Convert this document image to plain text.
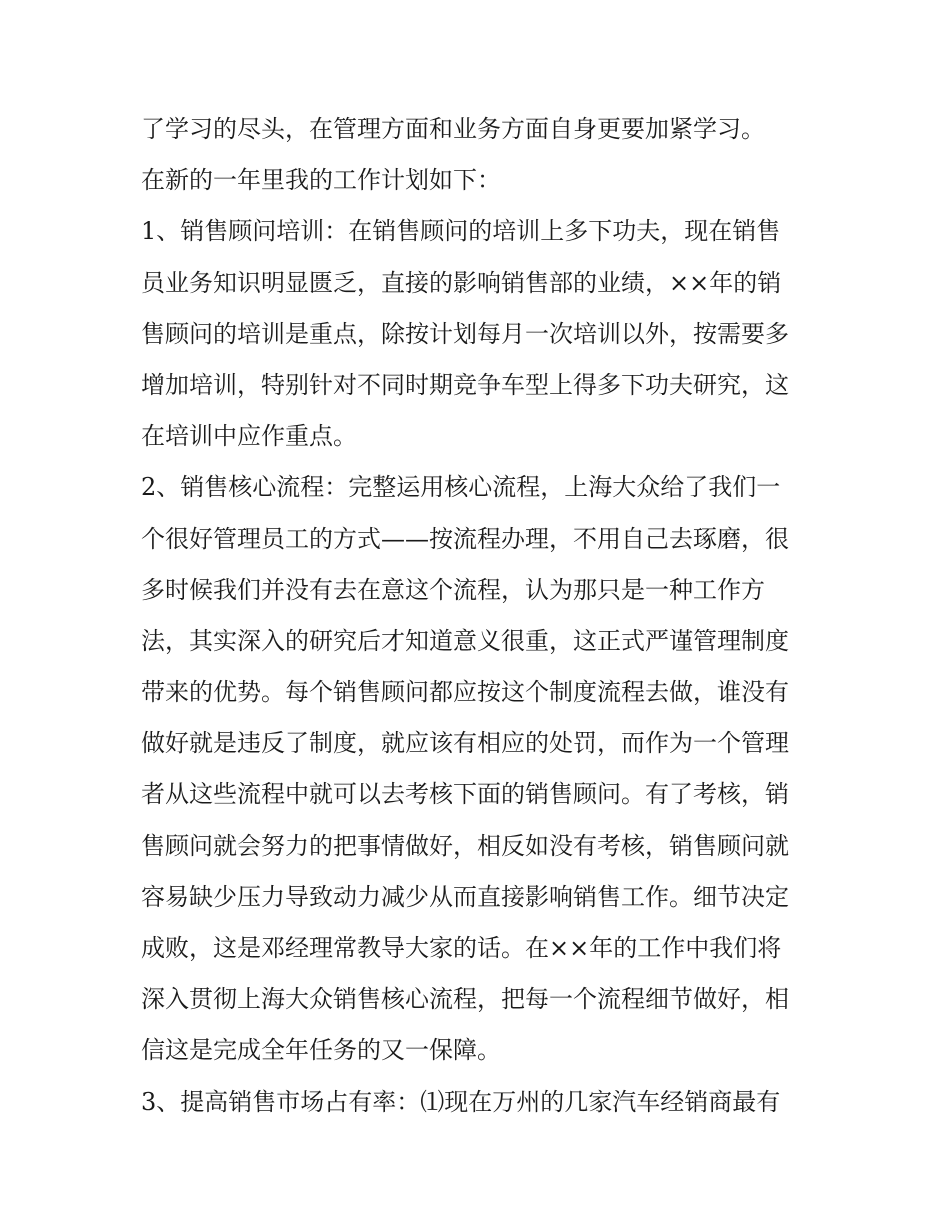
了学习的尽头，在管理方面和业务方面自身更要加紧学习。
在新的一年里我的工作计划如下：
1、销售顾问培训：在销售顾问的培训上多下功夫，现在销售
员业务知识明显匮乏，直接的影响销售部的业绩，××年的销
售顾问的培训是重点，除按计划每月一次培训以外，按需要多
增加培训，特别针对不同时期竞争车型上得多下功夫研究，这
在培训中应作重点。
2、销售核心流程：完整运用核心流程，上海大众给了我们一
个很好管理员工的方式——按流程办理，不用自己去琢磨，很
多时候我们并没有去在意这个流程，认为那只是一种工作方
法，其实深入的研究后才知道意义很重，这正式严谨管理制度
带来的优势。每个销售顾问都应按这个制度流程去做，谁没有
做好就是违反了制度，就应该有相应的处罚，而作为一个管理
者从这些流程中就可以去考核下面的销售顾问。有了考核，销
售顾问就会努力的把事情做好，相反如没有考核，销售顾问就
容易缺少压力导致动力减少从而直接影响销售工作。细节决定
成败，这是邓经理常教导大家的话。在××年的工作中我们将
深入贯彻上海大众销售核心流程，把每一个流程细节做好，相
信这是完成全年任务的又一保障。
3、提高销售市场占有率：⑴现在万州的几家汽车经销商最有
